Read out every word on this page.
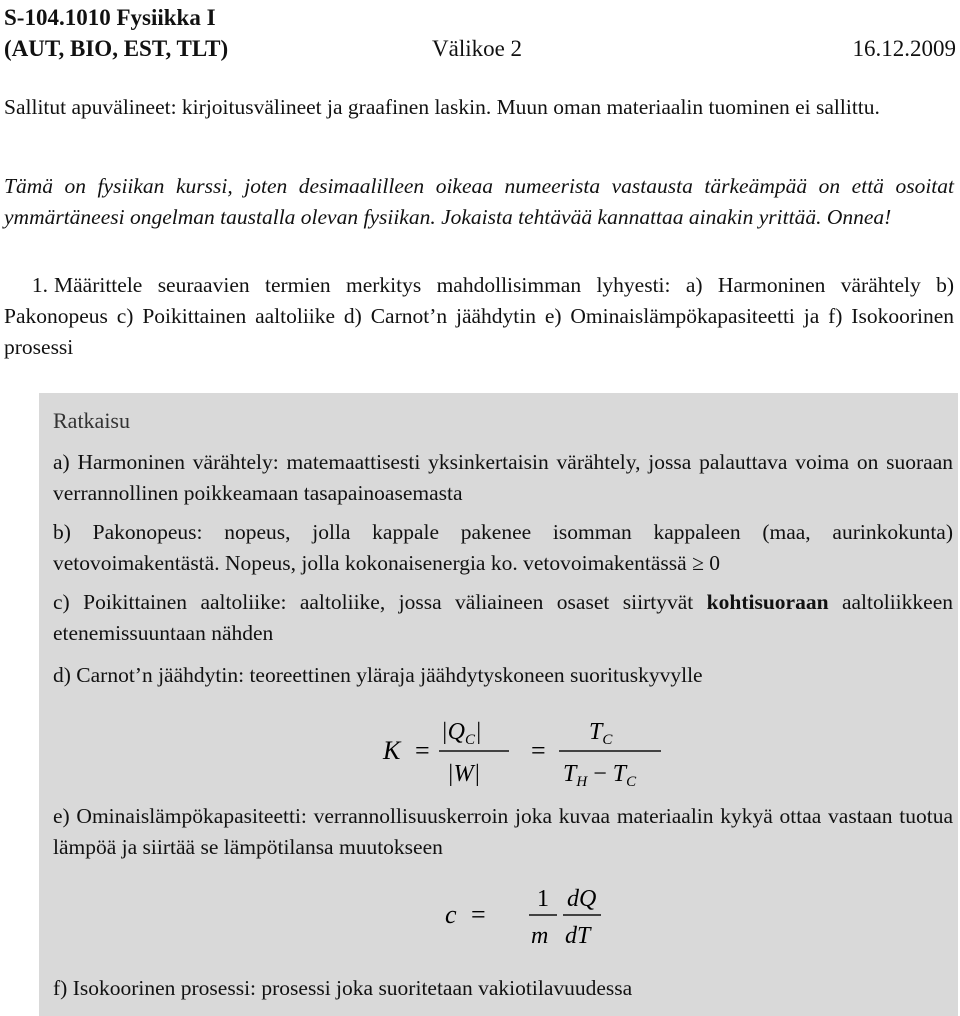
S-104.1010 Fysiikka I
(AUT, BIO, EST, TLT)	Välikoe 2	16.12.2009
Sallitut apuvälineet: kirjoitusvälineet ja graafinen laskin. Muun oman materiaalin tuominen ei sallittu.
Tämä on fysiikan kurssi, joten desimaalilleen oikeaa numeerista vastausta tärkeämpää on että osoitat ymmärtäneesi ongelman taustalla olevan fysiikan. Jokaista tehtävää kannattaa ainakin yrittää. Onnea!
1. Määrittele seuraavien termien merkitys mahdollisimman lyhyesti: a) Harmoninen värähtely b) Pakonopeus c) Poikittainen aaltoliike d) Carnot’n jäähdytin e) Ominaislämpökapasiteetti ja f) Isokoorinen prosessi
Ratkaisu
a) Harmoninen värähtely: matemaattisesti yksinkertaisin värähtely, jossa palauttava voima on suoraan verrannollinen poikkeamaan tasapainoasemasta
b) Pakonopeus: nopeus, jolla kappale pakenee isomman kappaleen (maa, aurinkokunta) vetovoimakentästä. Nopeus, jolla kokonaisenergia ko. vetovoimakentässä ≥ 0
c) Poikittainen aaltoliike: aaltoliike, jossa väliaineen osaset siirtyvät kohtisuoraan aaltoliikkeen etenemissuuntaan nähden
d) Carnot’n jäähdytin: teoreettinen yläraja jäähdytyskoneen suorituskyvylle
K =
$|Q_C|$
|W|
=
$T_C$
$T_H - T_C$
e) Ominaislämpökapasiteetti: verrannollisuuskerroin joka kuvaa materiaalin kykyä ottaa vastaan tuotua lämpöä ja siirtää se lämpötilansa muutokseen
c =
1
m
dQ
dT
f) Isokoorinen prosessi: prosessi joka suoritetaan vakiotilavuudessa
